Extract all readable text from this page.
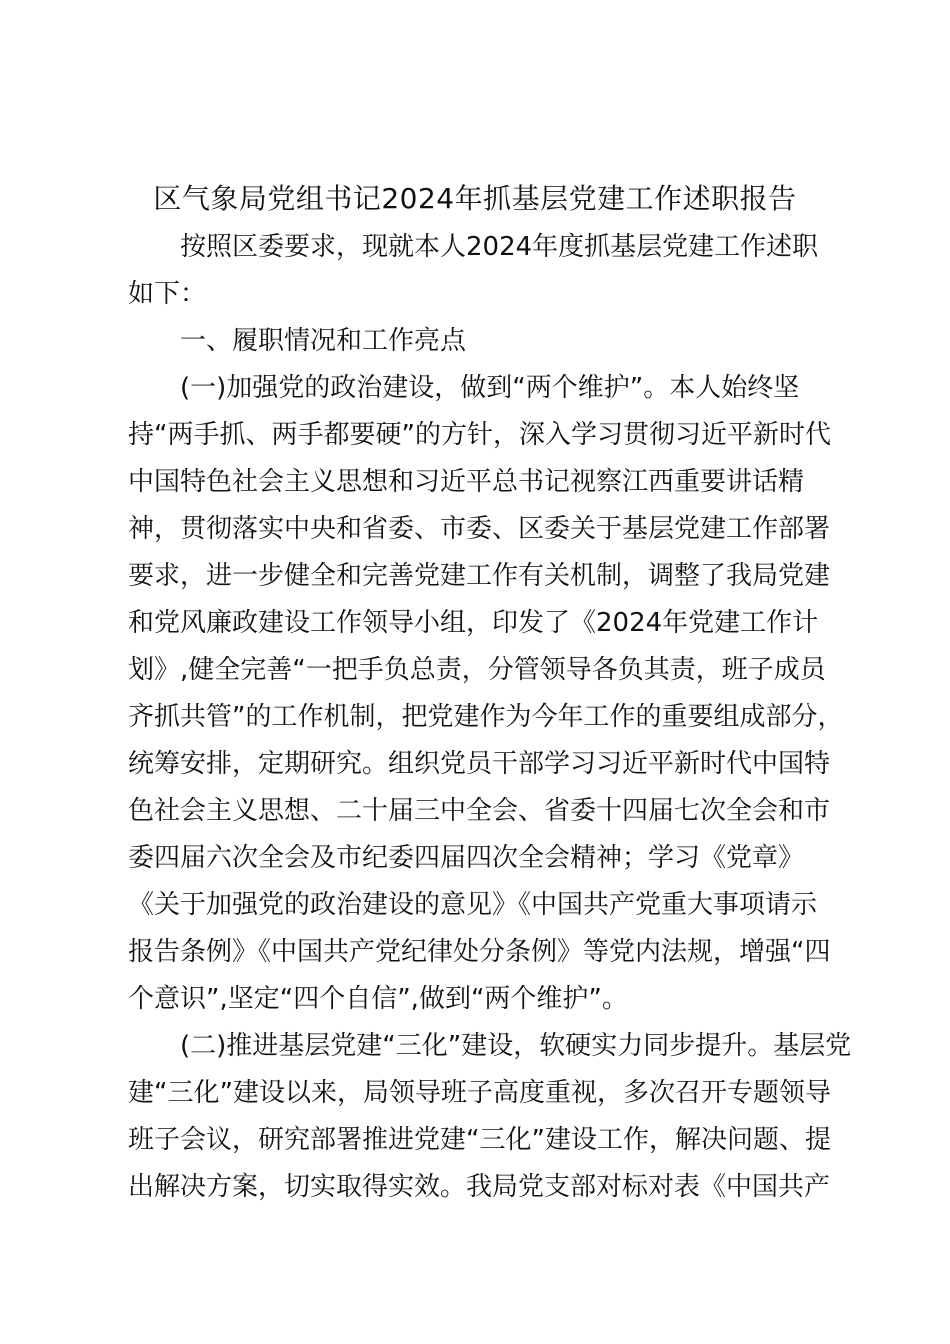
区气象局党组书记2024年抓基层党建工作述职报告
按照区委要求，现就本人2024年度抓基层党建工作述职
如下：
一、履职情况和工作亮点
(一)加强党的政治建设，做到“两个维护”。本人始终坚
持“两手抓、两手都要硬”的方针，深入学习贯彻习近平新时代
中国特色社会主义思想和习近平总书记视察江西重要讲话精
神，贯彻落实中央和省委、市委、区委关于基层党建工作部署
要求，进一步健全和完善党建工作有关机制，调整了我局党建
和党风廉政建设工作领导小组，印发了《2024年党建工作计
划》,健全完善“一把手负总责，分管领导各负其责，班子成员
齐抓共管”的工作机制，把党建作为今年工作的重要组成部分，
统筹安排，定期研究。组织党员干部学习习近平新时代中国特
色社会主义思想、二十届三中全会、省委十四届七次全会和市
委四届六次全会及市纪委四届四次全会精神；学习《党章》
《关于加强党的政治建设的意见》《中国共产党重大事项请示
报告条例》《中国共产党纪律处分条例》等党内法规，增强“四
个意识”,坚定“四个自信”,做到“两个维护”。
(二)推进基层党建“三化”建设，软硬实力同步提升。基层党
建“三化”建设以来，局领导班子高度重视，多次召开专题领导
班子会议，研究部署推进党建“三化”建设工作，解决问题、提
出解决方案，切实取得实效。我局党支部对标对表《中国共产
